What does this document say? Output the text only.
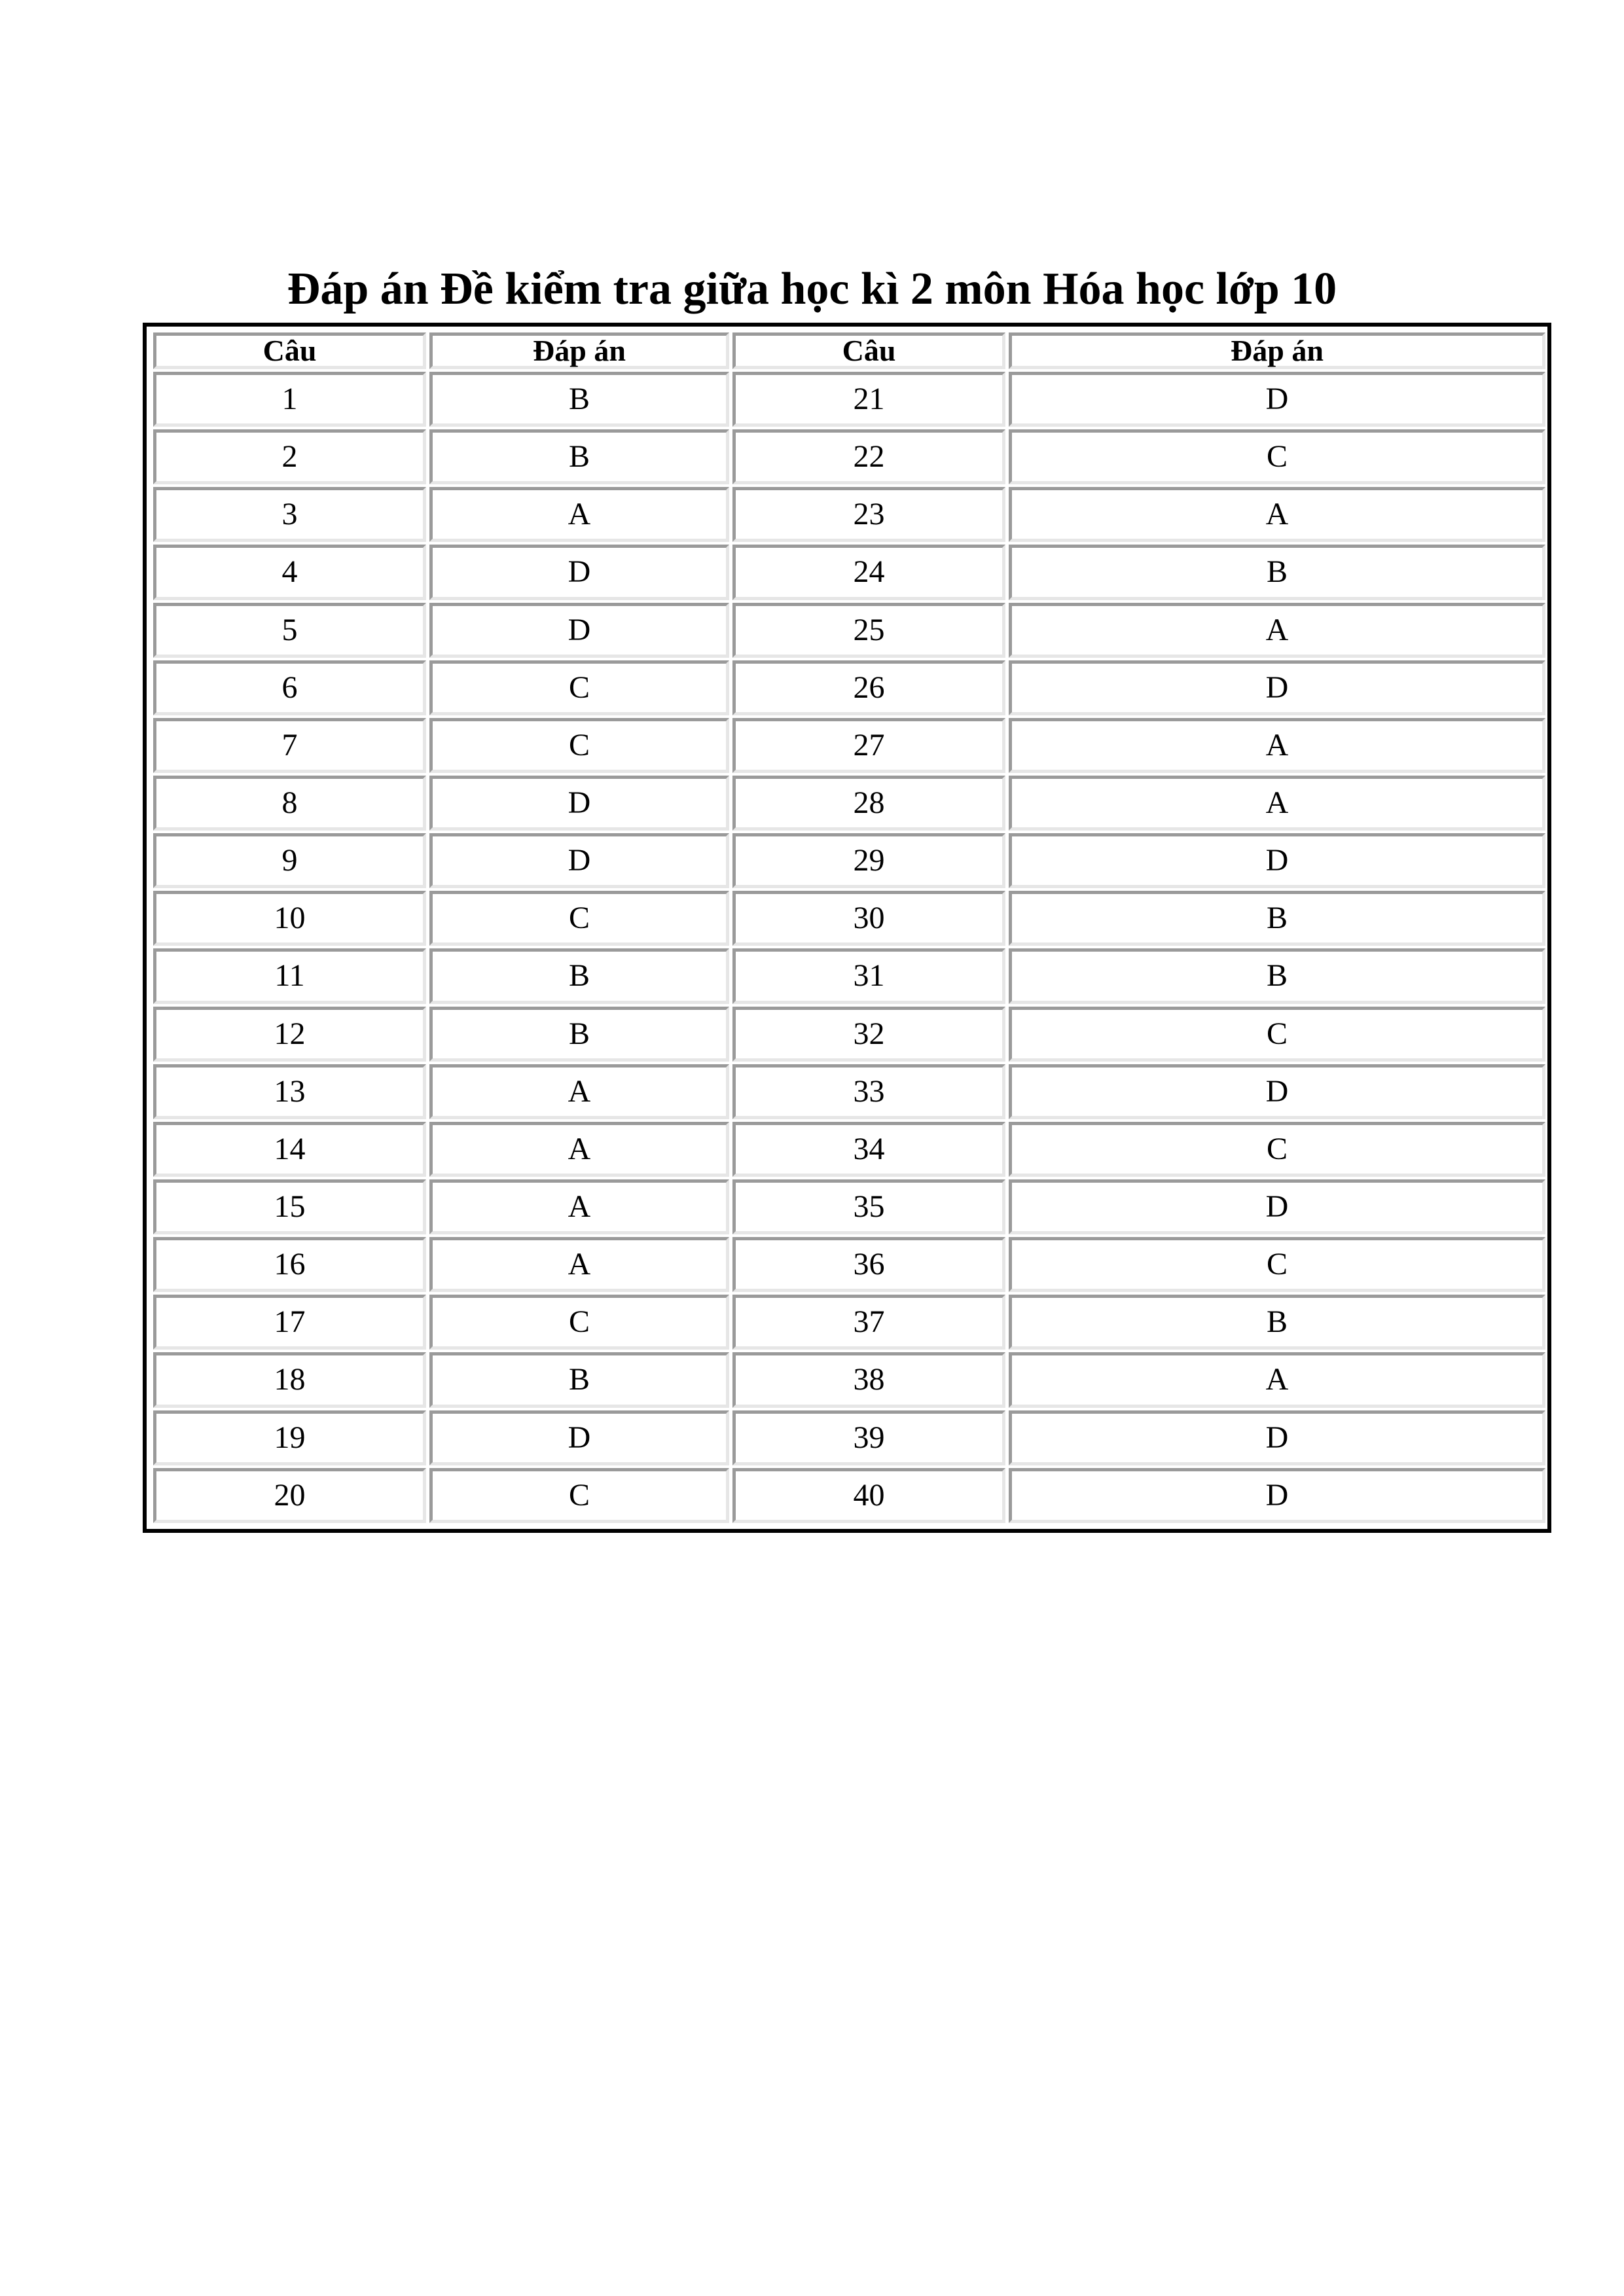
Đáp án Đề kiểm tra giữa học kì 2 môn Hóa học lớp 10
Câu	Đáp án	Câu	Đáp án
1	B	21	D
2	B	22	C
3	A	23	A
4	D	24	B
5	D	25	A
6	C	26	D
7	C	27	A
8	D	28	A
9	D	29	D
10	C	30	B
11	B	31	B
12	B	32	C
13	A	33	D
14	A	34	C
15	A	35	D
16	A	36	C
17	C	37	B
18	B	38	A
19	D	39	D
20	C	40	D
